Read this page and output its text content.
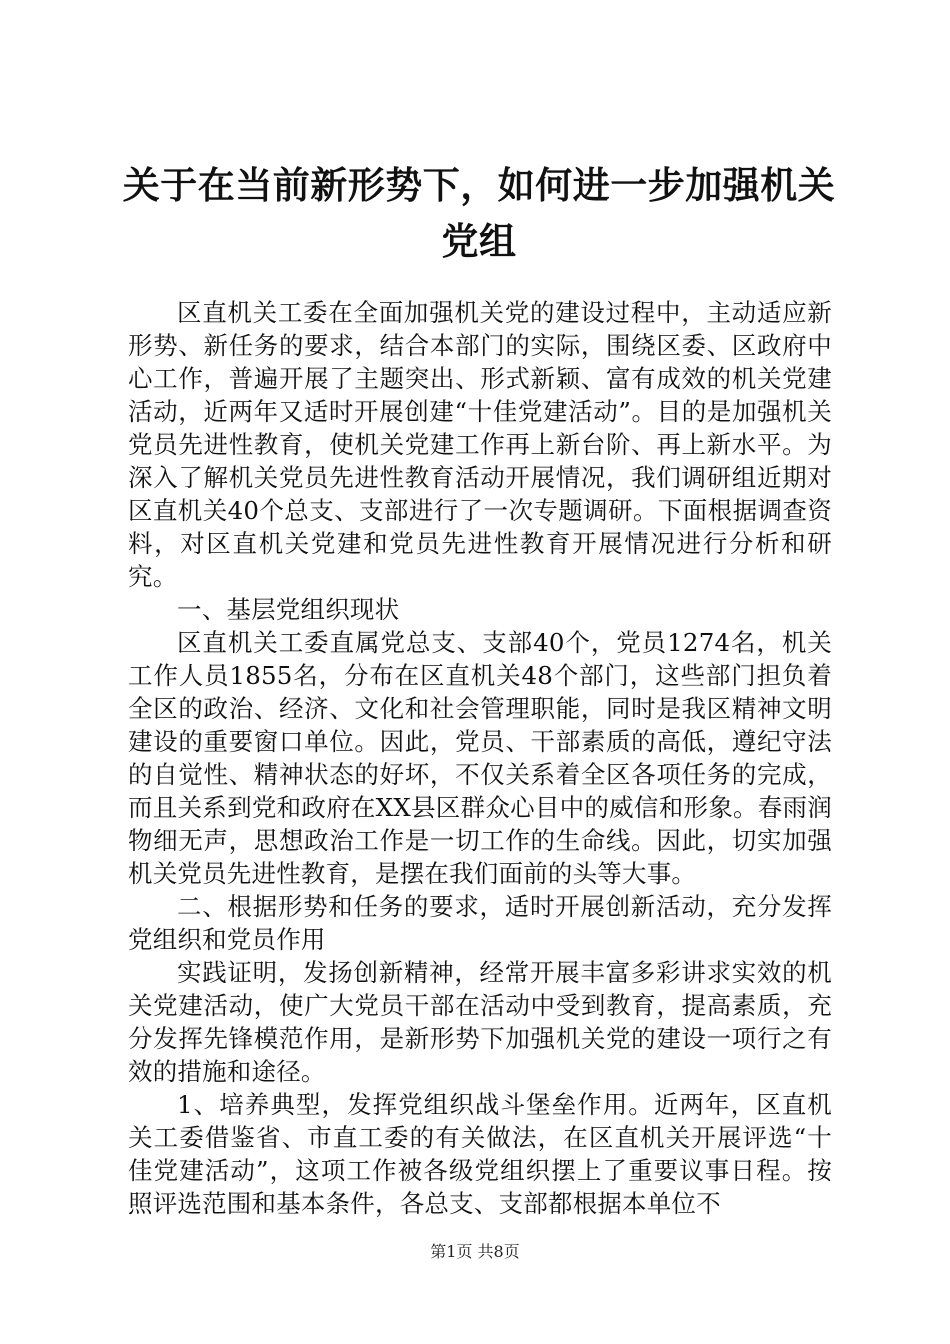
关于在当前新形势下，如何进一步加强机关党组

区直机关工委在全面加强机关党的建设过程中，主动适应新形势、新任务的要求，结合本部门的实际，围绕区委、区政府中心工作，普遍开展了主题突出、形式新颖、富有成效的机关党建活动，近两年又适时开展创建“十佳党建活动”。目的是加强机关党员先进性教育，使机关党建工作再上新台阶、再上新水平。为深入了解机关党员先进性教育活动开展情况，我们调研组近期对区直机关40个总支、支部进行了一次专题调研。下面根据调查资料，对区直机关党建和党员先进性教育开展情况进行分析和研究。

一、基层党组织现状

区直机关工委直属党总支、支部40个，党员1274名，机关工作人员1855名，分布在区直机关48个部门，这些部门担负着全区的政治、经济、文化和社会管理职能，同时是我区精神文明建设的重要窗口单位。因此，党员、干部素质的高低，遵纪守法的自觉性、精神状态的好坏，不仅关系着全区各项任务的完成，而且关系到党和政府在XX县区群众心目中的威信和形象。春雨润物细无声，思想政治工作是一切工作的生命线。因此，切实加强机关党员先进性教育，是摆在我们面前的头等大事。

二、根据形势和任务的要求，适时开展创新活动，充分发挥党组织和党员作用

实践证明，发扬创新精神，经常开展丰富多彩讲求实效的机关党建活动，使广大党员干部在活动中受到教育，提高素质，充分发挥先锋模范作用，是新形势下加强机关党的建设一项行之有效的措施和途径。

1、培养典型，发挥党组织战斗堡垒作用。近两年，区直机关工委借鉴省、市直工委的有关做法，在区直机关开展评选“十佳党建活动”，这项工作被各级党组织摆上了重要议事日程。按照评选范围和基本条件，各总支、支部都根据本单位不

第1页 共8页
